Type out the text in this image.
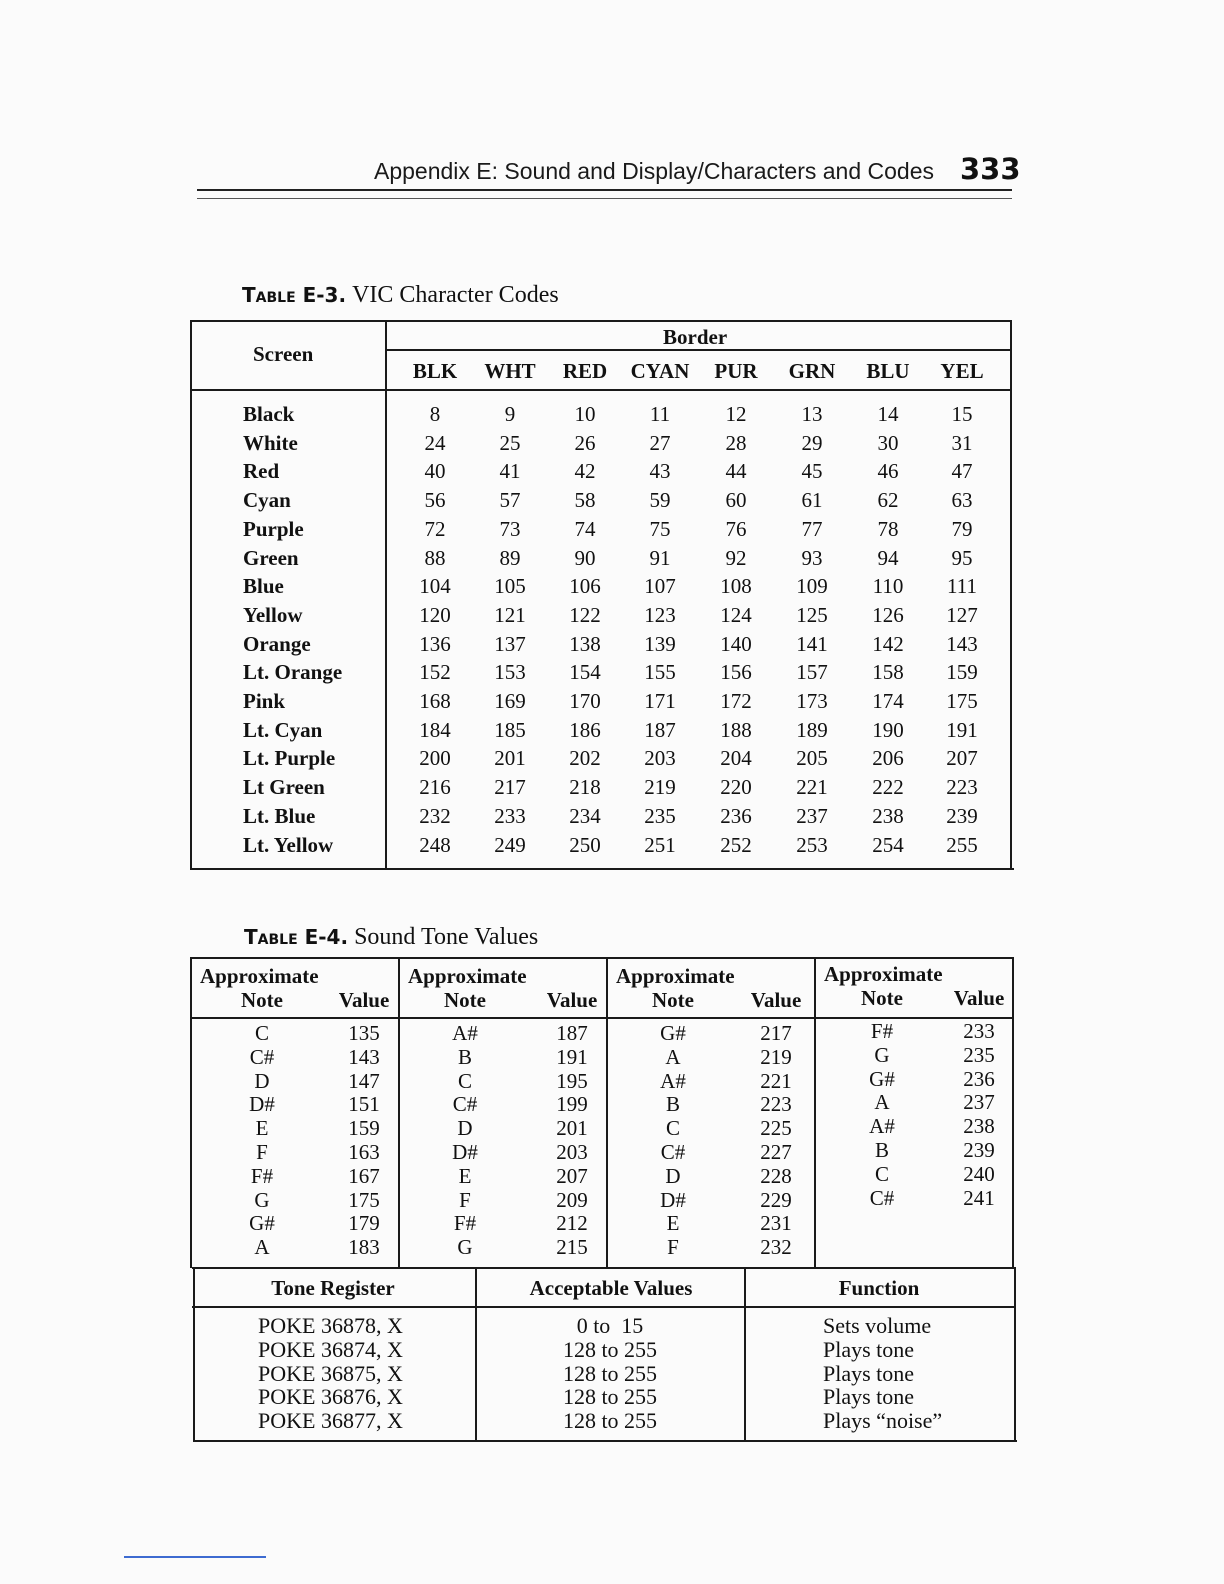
Appendix E: Sound and Display/Characters and Codes 333
Table E-3. VIC Character Codes
Screen
Border
BLK	WHT	RED	CYAN	PUR	GRN	BLU	YEL
Black	8	9	10	11	12	13	14	15
White	24	25	26	27	28	29	30	31
Red	40	41	42	43	44	45	46	47
Cyan	56	57	58	59	60	61	62	63
Purple	72	73	74	75	76	77	78	79
Green	88	89	90	91	92	93	94	95
Blue	104	105	106	107	108	109	110	111
Yellow	120	121	122	123	124	125	126	127
Orange	136	137	138	139	140	141	142	143
Lt. Orange	152	153	154	155	156	157	158	159
Pink	168	169	170	171	172	173	174	175
Lt. Cyan	184	185	186	187	188	189	190	191
Lt. Purple	200	201	202	203	204	205	206	207
Lt Green	216	217	218	219	220	221	222	223
Lt. Blue	232	233	234	235	236	237	238	239
Lt. Yellow	248	249	250	251	252	253	254	255
Table E-4. Sound Tone Values
Approximate
Note	Value
C	135
C#	143
D	147
D#	151
E	159
F	163
F#	167
G	175
G#	179
A	183
Approximate
Note	Value
A#	187
B	191
C	195
C#	199
D	201
D#	203
E	207
F	209
F#	212
G	215
Approximate
Note	Value
G#	217
A	219
A#	221
B	223
C	225
C#	227
D	228
D#	229
E	231
F	232
Approximate
Note	Value
F#	233
G	235
G#	236
A	237
A#	238
B	239
C	240
C#	241
Tone Register	Acceptable Values	Function
POKE 36878, X	0 to  15	Sets volume
POKE 36874, X	128 to 255	Plays tone
POKE 36875, X	128 to 255	Plays tone
POKE 36876, X	128 to 255	Plays tone
POKE 36877, X	128 to 255	Plays “noise”
